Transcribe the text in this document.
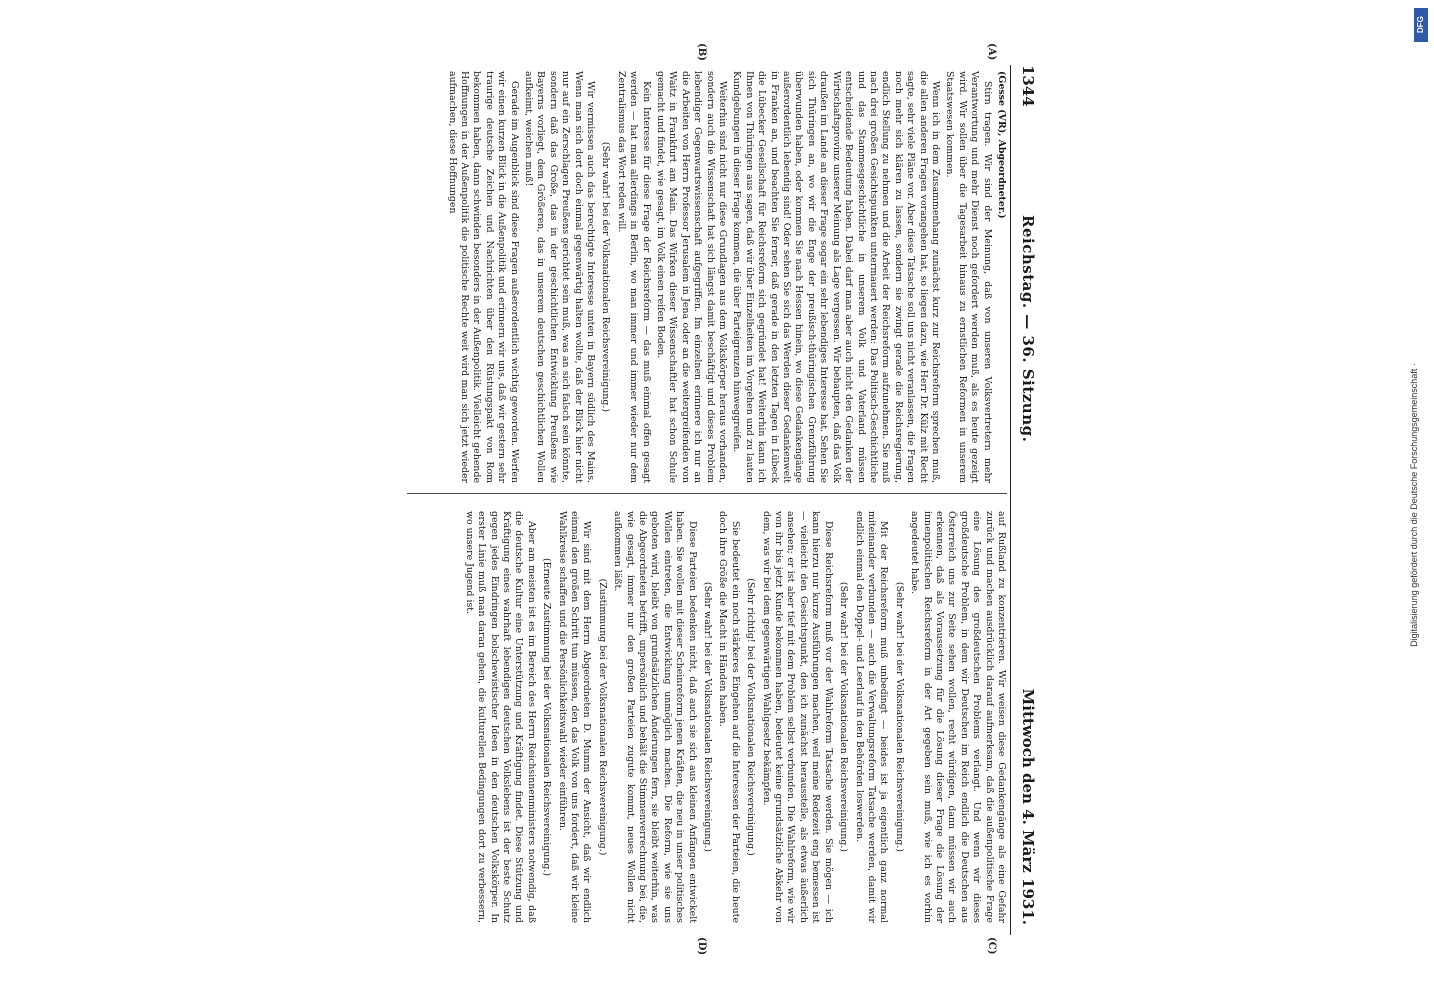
1344
Reichstag. — 36. Sitzung.
Mittwoch den 4. März 1931.
(A)
(B)
(C)
(D)

(Gesse (VR), Abgeordneter.)

Stirn tragen. Wir sind der Meinung, daß von unseren Volksvertretern mehr Verantwortung und mehr Dienst noch gefordert werden muß, als es heute gezeigt wird. Wir sollen über die Tagesarbeit hinaus zu ernstlichen Reformen in unserem Staatswesen kommen.

Wenn ich in dem Zusammenhang zunächst kurz zur Reichsreform sprechen muß, die allen anderen Fragen vorangehen hat, so liegen dazu, wie Herr Dr. Külz mit Recht sagte, sehr viele Pläne vor. Aber diese Tatsache soll uns nicht veranlassen, die Fragen noch mehr sich klären zu lassen, sondern sie zwingt gerade die Reichsregierung, endlich Stellung zu nehmen und die Arbeit der Reichsreform aufzunehmen. Sie muß nach drei großen Gesichtspunkten untermauert werden: Das Politisch-Geschichtliche und das Stammesgeschichtliche in unserem Volk und Vaterland müssen entscheidende Bedeutung haben. Dabei darf man aber auch nicht den Gedanken der Wirtschaftsprovinz unserer Meinung als Lage vergessen. Wir behaupten, daß das Volk draußen im Lande an dieser Frage sogar ein sehr lebendiges Interesse hat. Sehen Sie sich Thüringen an, wo wir die Enge der preußisch-thüringischen Grenzführung überwunden haben, oder kommen Sie nach Hessen hinein, wo diese Gedankengänge außerordentlich lebendig sind! Oder sehen Sie sich das Werden dieser Gedankenwelt in Franken an, und beachten Sie ferner, daß gerade in den letzten Tagen in Lübeck die Lübecker Gesellschaft für Reichsreform sich gegründet hat! Weiterhin kann ich Ihnen von Thüringen aus sagen, daß wir über Einzelheiten im Vorgehen und zu lauten Kundgebungen in dieser Frage kommen, die über Parteigrenzen hinweggreifen.

Weiterhin sind nicht nur diese Grundlagen aus dem Volkskörper heraus vorhanden, sondern auch die Wissenschaft hat sich längst damit beschäftigt und dieses Problem lebendiger Gegenwartswissenschaft aufgegriffen. Im einzelnen erinnere ich nur an die Arbeiten von Herrn Professor Jerusalem in Jena oder an die weitergreifenden von Waitz in Frankfurt am Main. Das Wirken dieser Wissenschaftler hat schon Schule gemacht und findet, wie gesagt, im Volk einen reifen Boden.

Kein Interesse für diese Frage der Reichsreform — das muß einmal offen gesagt werden — hat man allerdings in Berlin, wo man immer und immer wieder nur dem Zentralismus das Wort reden will.

(Sehr wahr! bei der Volksnationalen Reichsvereinigung.)

Wir vermissen auch das berechtigte Interesse unten in Bayern südlich des Mains. Wenn man sich dort doch einmal gegenwärtig halten wollte, daß der Blick hier nicht nur auf ein Zerschlagen Preußens gerichtet sein muß, was an sich falsch sein könnte, sondern daß das Große, das in der geschichtlichen Entwicklung Preußens wie Bayerns vorliegt, dem Größeren, das in unserem deutschen geschichtlichen Wollen aufkeimt, weichen muß!

Gerade im Augenblick sind diese Fragen außerordentlich wichtig geworden. Werfen wir einen kurzen Blick in die Außenpolitik und erinnern wir uns, daß wir gestern sehr traurige deutsche Zeichen und Nachrichten über den Rüstungspakt von Rom bekommen haben, dann schwinden besonders in der Außenpolitik. Vielleicht gehende Hoffnungen in der Außenpolitik die politische Rechte weit wird man sich jetzt wieder aufmachen, diese Hoffnungen

auf Rußland zu konzentrieren. Wir weisen diese Gedankengänge als eine Gefahr zurück und machen ausdrücklich darauf aufmerksam, daß die außenpolitische Frage eine Lösung des großdeutschen Problems verlangt. Und wenn wir dieses großdeutsche Problem, in dem wir Deutschen im Reich endlich die Deutschen aus Österreich uns zur Seite sehen wollen, recht würdigen, dann müssen wir auch erkennen, daß als Voraussetzung für die Lösung dieser Frage die Lösung der innenpolitischen Reichsreform in der Art gegeben sein muß, wie ich es vorhin angedeutet habe.

(Sehr wahr! bei der Volksnationalen Reichsvereinigung.)

Mit der Reichsreform muß unbedingt — beides ist ja eigentlich ganz normal miteinander verbunden — auch die Verwaltungsreform Tatsache werden, damit wir endlich einmal den Doppel- und Leerlauf in den Behörden loswerden.

(Sehr wahr! bei der Volksnationalen Reichsvereinigung.)

Diese Reichsreform muß vor der Wahlreform Tatsache werden. Sie mögen — ich kann hierzu nur kurze Ausführungen machen, weil meine Redezeit eng bemessen ist — vielleicht den Gesichtspunkt, den ich zunächst herausstelle, als etwas äußerlich ansehen; er ist aber tief mit dem Problem selbst verbunden. Die Wahlreform, wie wir von ihr bis jetzt Kunde bekommen haben, bedeutet keine grundsätzliche Abkehr von dem, was wir bei dem gegenwärtigen Wahlgesetz bekämpfen.

(Sehr richtig! bei der Volksnationalen Reichsvereinigung.)

Sie bedeutet ein noch stärkeres Eingehen auf die Interessen der Parteien, die heute doch ihre Größe die Macht in Händen haben.

(Sehr wahr! bei der Volksnationalen Reichsvereinigung.)

Diese Parteien bedenken nicht, daß auch sie sich aus kleinen Anfängen entwickelt haben. Sie wollen mit dieser Scheinreform jenen Kräften, die neu in unser politisches Wollen eintreten, die Entwicklung unmöglich machen. Die Reform, wie sie uns geboten wird, bleibt von grundsätzlichen Änderungen fern, sie bleibt weiterhin, was die Abgeordneten betrifft, unpersönlich und behält die Stimmenverrechnung bei, die, wie gesagt, immer nur den großen Parteien zugute kommt, neues Wollen nicht aufkommen läßt.

(Zustimmung bei der Volksnationalen Reichsvereinigung.)

Wir sind mit dem Herrn Abgeordneten D. Mumm der Ansicht, daß wir endlich einmal den großen Schritt tun müssen, den das Volk von uns fordert, daß wir kleine Wahlkreise schaffen und die Persönlichkeitswahl wieder einführen.

(Erneute Zustimmung bei der Volksnationalen Reichsvereinigung.)

Aber am meisten ist es im Bereich des Herrn Reichsinnenministers notwendig, daß die deutsche Kultur eine Unterstützung und Kräftigung findet. Diese Stützung und Kräftigung eines wahrhaft lebendigen deutschen Volkslebens ist der beste Schutz gegen jedes Eindringen bolschewistischer Ideen in den deutschen Volkskörper. In erster Linie muß man daran gehen, die kulturellen Bedingungen dort zu verbessern, wo unsere Jugend ist.

DFG
Digitalisierung gefördert durch die Deutsche Forschungsgemeinschaft ·
